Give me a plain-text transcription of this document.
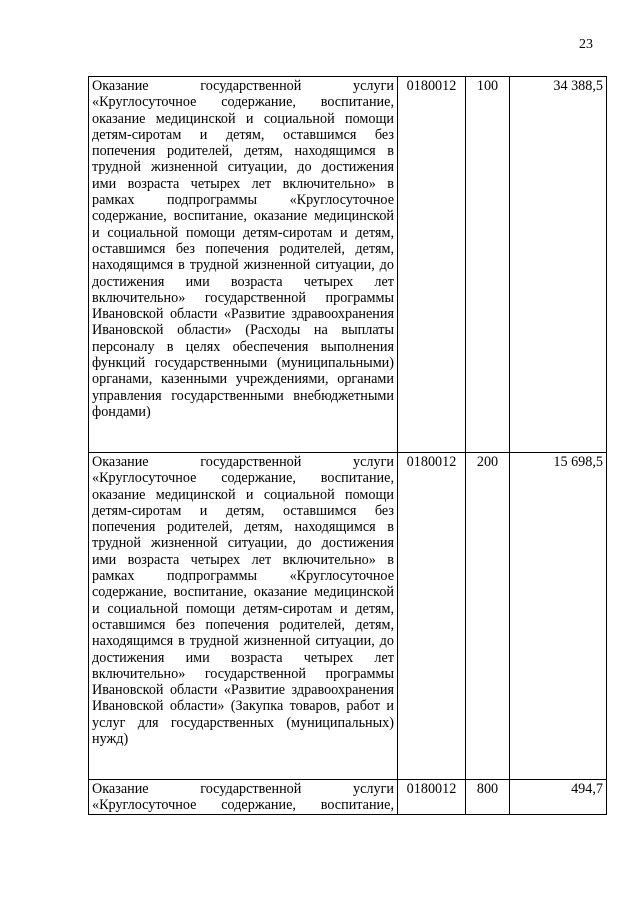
23
Оказание государственной услуги «Круглосуточное содержание, воспитание, оказание медицинской и социальной помощи детям-сиротам и детям, оставшимся без попечения родителей, детям, находящимся в трудной жизненной ситуации, до достижения ими возраста четырех лет включительно» в рамках подпрограммы «Круглосуточное содержание, воспитание, оказание медицинской и социальной помощи детям-сиротам и детям, оставшимся без попечения родителей, детям, находящимся в трудной жизненной ситуации, до достижения ими возраста четырех лет включительно» государственной программы Ивановской области «Развитие здравоохранения Ивановской области» (Расходы на выплаты персоналу в целях обеспечения выполнения функций государственными (муниципальными) органами, казенными учреждениями, органами управления государственными внебюджетными фондами)	0180012	100	34 388,5

Оказание государственной услуги «Круглосуточное содержание, воспитание, оказание медицинской и социальной помощи детям-сиротам и детям, оставшимся без попечения родителей, детям, находящимся в трудной жизненной ситуации, до достижения ими возраста четырех лет включительно» в рамках подпрограммы «Круглосуточное содержание, воспитание, оказание медицинской и социальной помощи детям-сиротам и детям, оставшимся без попечения родителей, детям, находящимся в трудной жизненной ситуации, до достижения ими возраста четырех лет включительно» государственной программы Ивановской области «Развитие здравоохранения Ивановской области» (Закупка товаров, работ и услуг для государственных (муниципальных) нужд)	0180012	200	15 698,5

Оказание государственной услуги «Круглосуточное содержание, воспитание,	0180012	800	494,7
